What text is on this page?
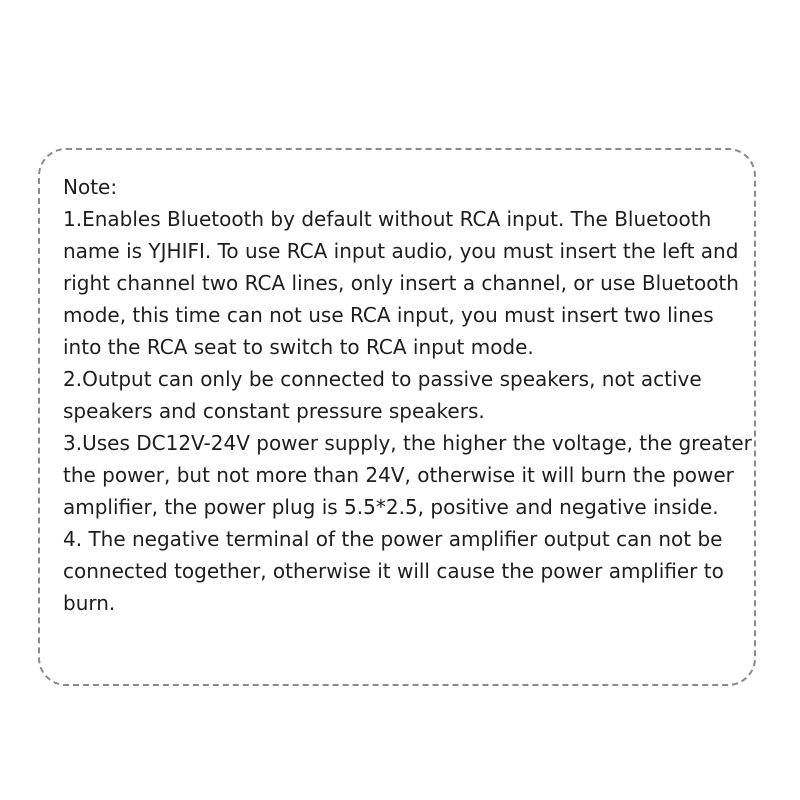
Note:

1.Enables Bluetooth by default without RCA input. The Bluetooth name is YJHIFI. To use RCA input audio, you must insert the left and right channel two RCA lines, only insert a channel, or use Bluetooth mode, this time can not use RCA input, you must insert two lines into the RCA seat to switch to RCA input mode.

2.Output can only be connected to passive speakers, not active speakers and constant pressure speakers.

3.Uses DC12V-24V power supply, the higher the voltage, the greater the power, but not more than 24V, otherwise it will burn the power amplifier, the power plug is 5.5*2.5, positive and negative inside.

4. The negative terminal of the power amplifier output can not be connected together, otherwise it will cause the power amplifier to burn.
